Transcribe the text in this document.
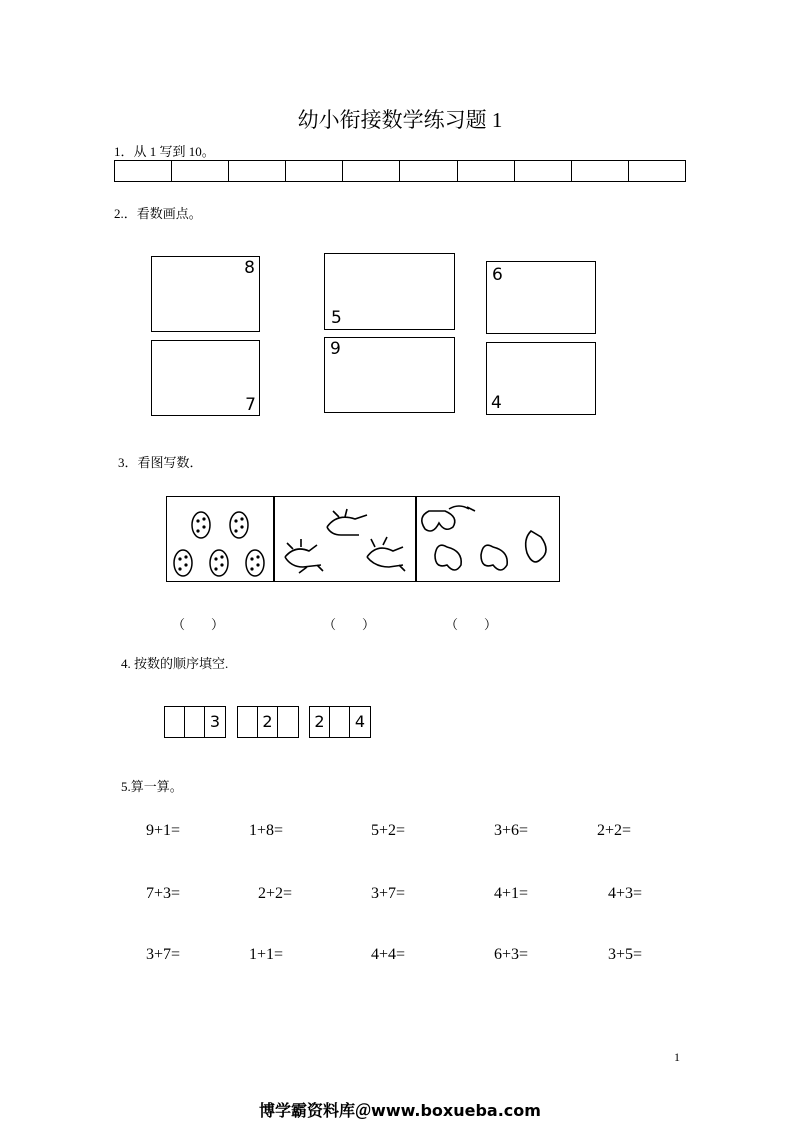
幼小衔接数学练习题 1
1．从 1 写到 10。
2.．看数画点。
8
5
6
7
9
4
3．看图写数．
（　　）	（　　）	（　　）
4. 按数的顺序填空.
3	2	2	4
5.算一算。
9+1=	1+8=	5+2=	3+6=	2+2=
7+3=	2+2=	3+7=	4+1=	4+3=
3+7=	1+1=	4+4=	6+3=	3+5=
1
博学霸资料库＠www.boxueba.com
